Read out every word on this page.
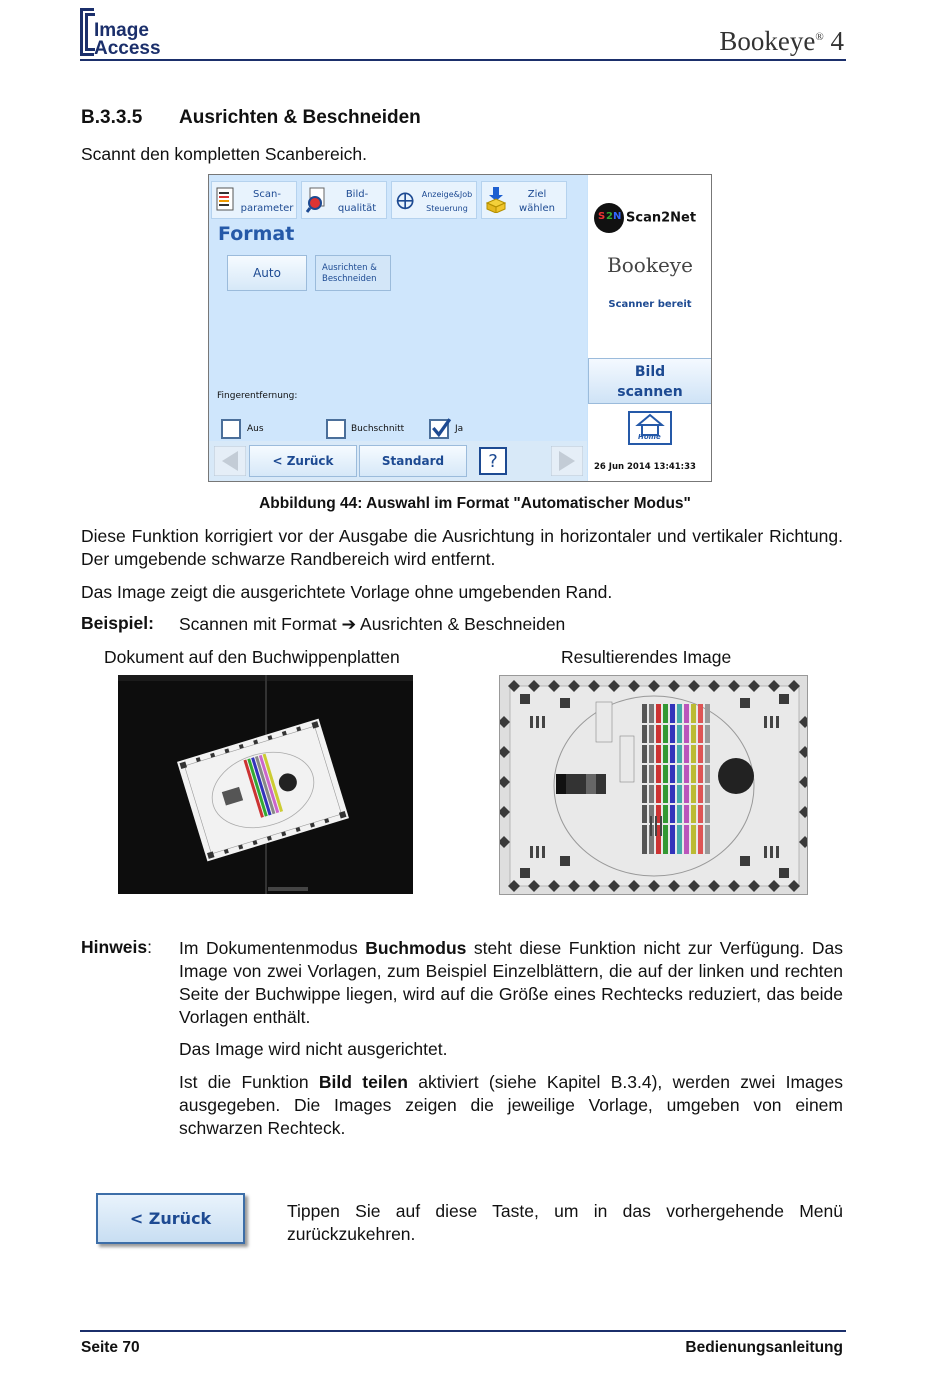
Image
Access	Bookeye® 4
B.3.3.5 Ausrichten & Beschneiden
Scannt den kompletten Scanbereich.
Scan-
parameter
Bild-
qualität
Anzeige&Job
Steuerung
Ziel
wählen
Format
Auto	Ausrichten &
Beschneiden
Fingerentfernung:
Aus	Buchschnitt	Ja
< Zurück	Standard	?
S 2 N Scan2Net
Bookeye
Scanner bereit
Bild
scannen
Home
26 Jun 2014 13:41:33
Abbildung 44: Auswahl im Format "Automatischer Modus"
Diese Funktion korrigiert vor der Ausgabe die Ausrichtung in horizontaler und vertikaler Richtung. Der umgebende schwarze Randbereich wird entfernt.
Das Image zeigt die ausgerichtete Vorlage ohne umgebenden Rand.
Beispiel: Scannen mit Format ➔ Ausrichten & Beschneiden
Dokument auf den Buchwippenplatten	Resultierendes Image
Hinweis: Im Dokumentenmodus Buchmodus steht diese Funktion nicht zur Verfügung. Das Image von zwei Vorlagen, zum Beispiel Einzelblättern, die auf der linken und rechten Seite der Buchwippe liegen, wird auf die Größe eines Rechtecks reduziert, das beide Vorlagen enthält.
Das Image wird nicht ausgerichtet.
Ist die Funktion Bild teilen aktiviert (siehe Kapitel B.3.4), werden zwei Images ausgegeben. Die Images zeigen die jeweilige Vorlage, umgeben von einem schwarzen Rechteck.
< Zurück	Tippen Sie auf diese Taste, um in das vorhergehende Menü zurückzukehren.
Seite 70	Bedienungsanleitung
